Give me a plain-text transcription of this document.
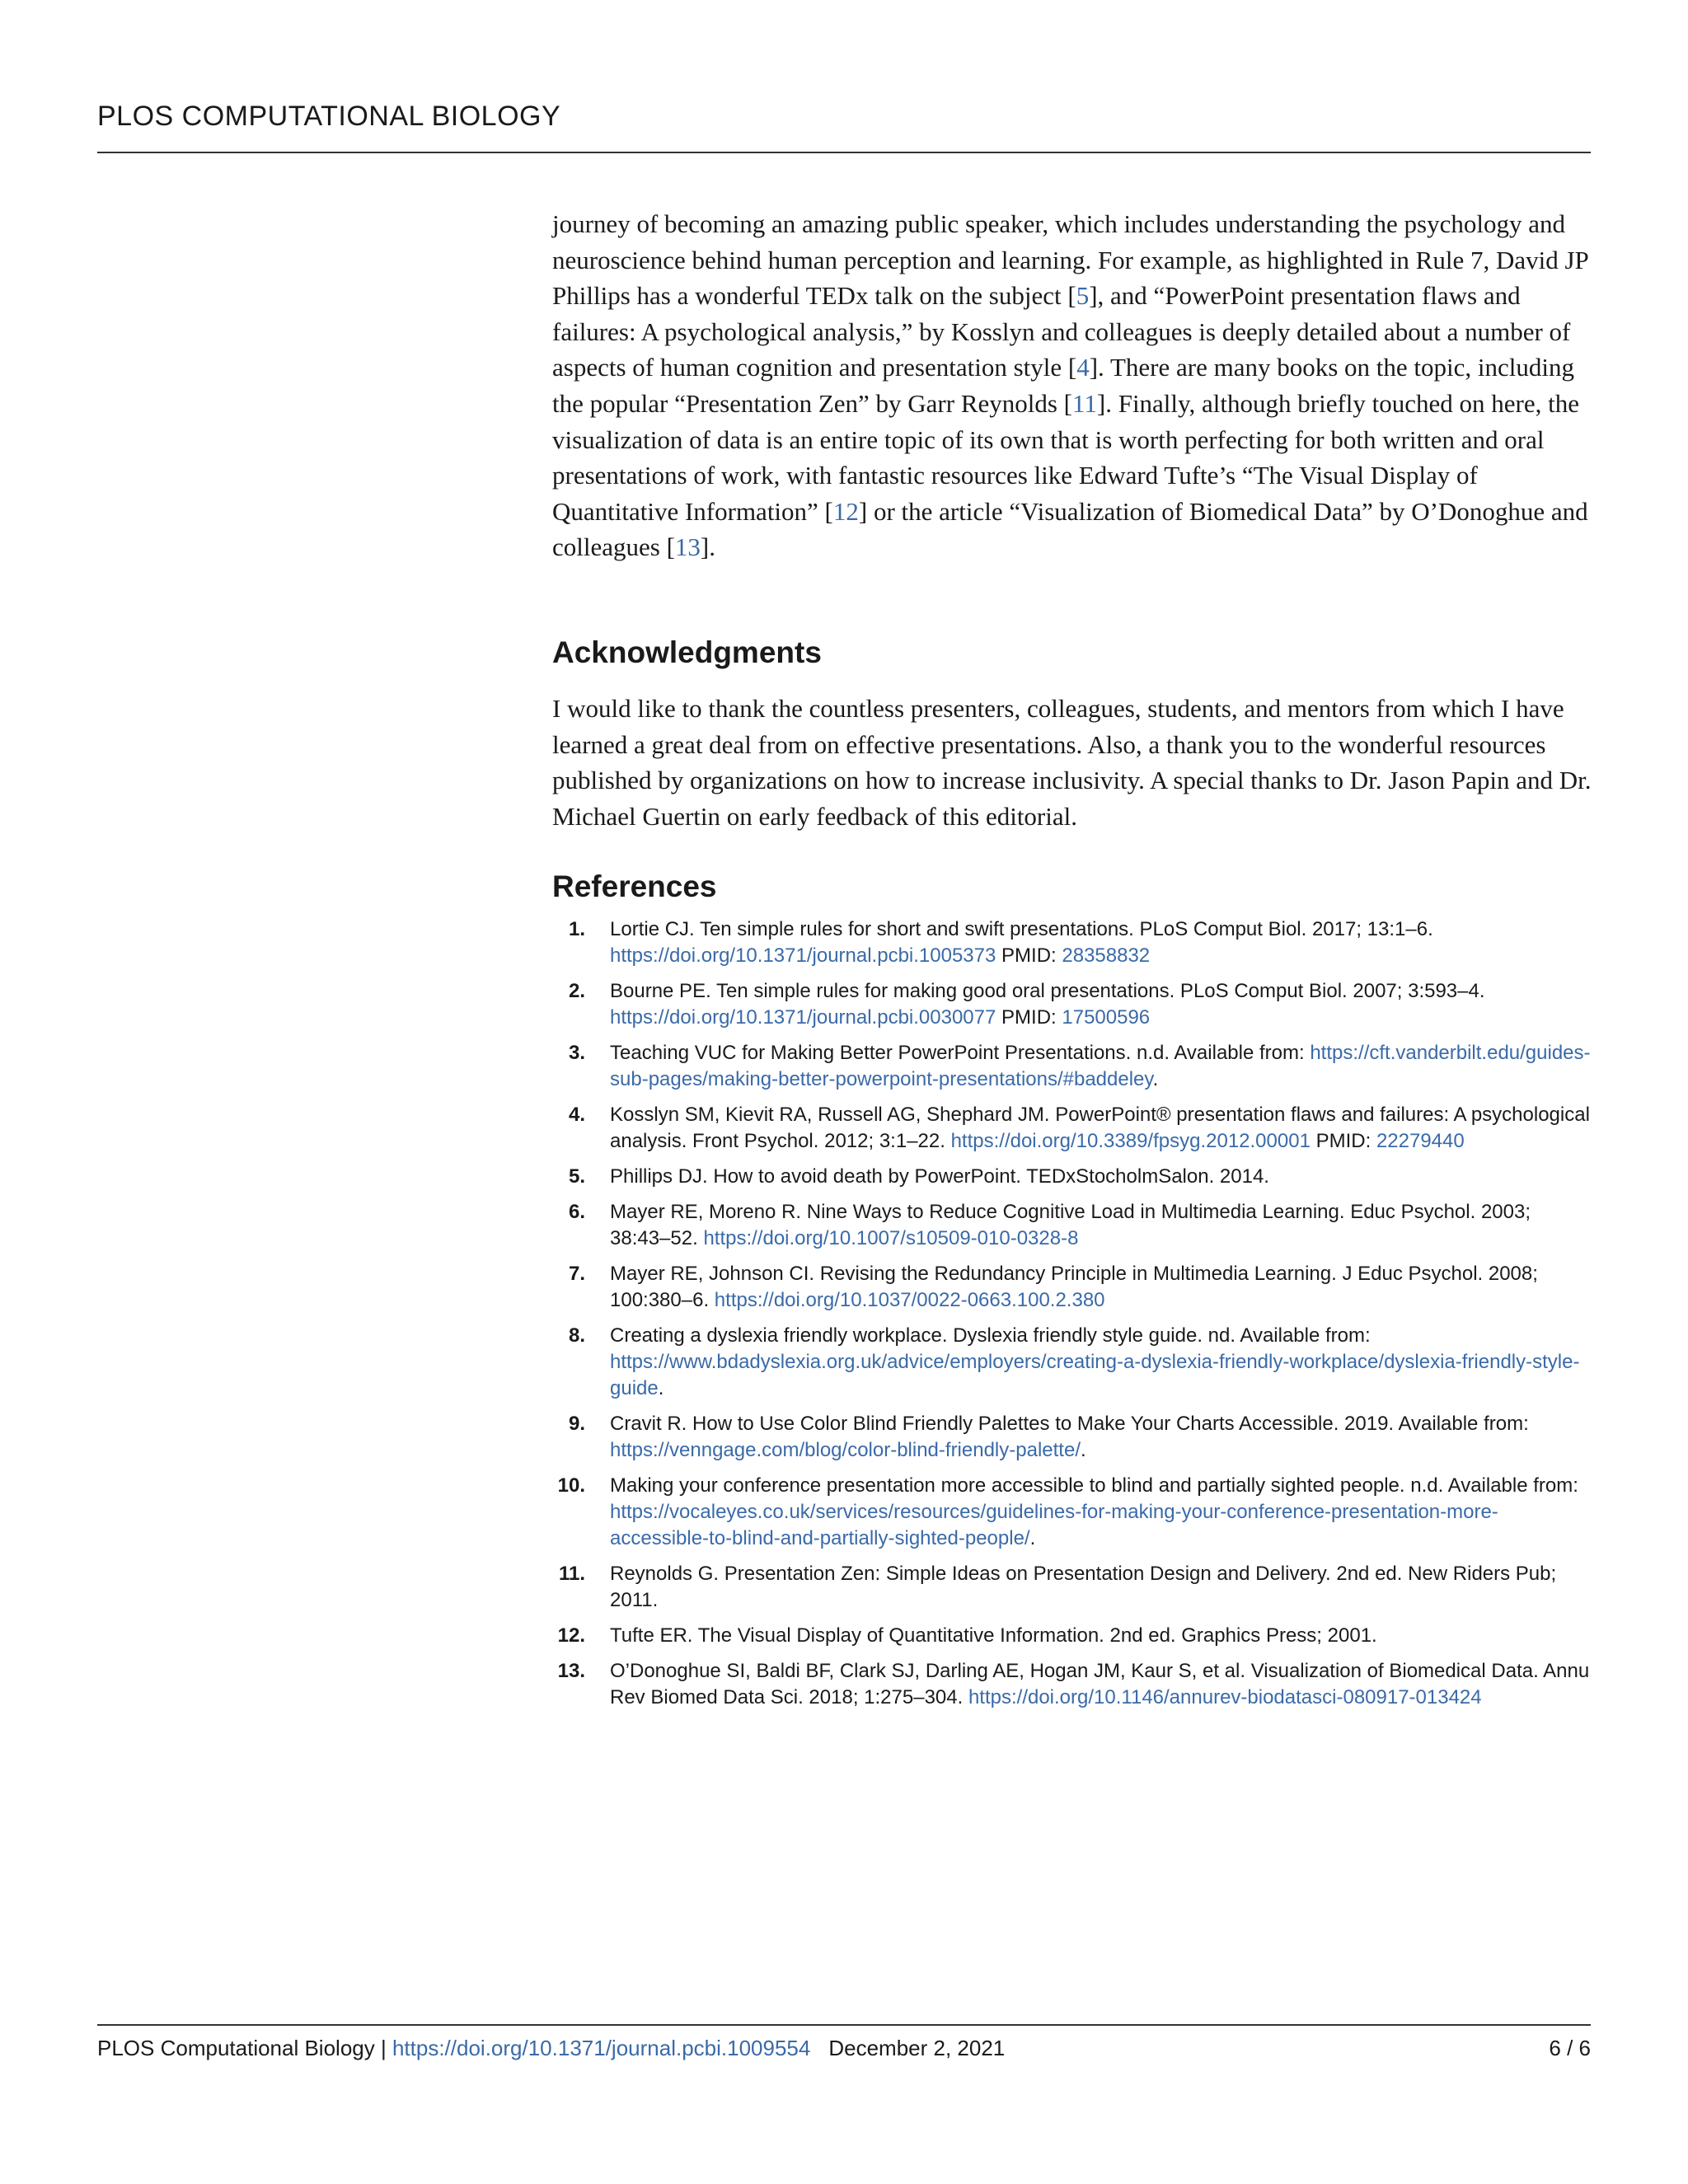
PLOS COMPUTATIONAL BIOLOGY

journey of becoming an amazing public speaker, which includes understanding the psychology and neuroscience behind human perception and learning. For example, as highlighted in Rule 7, David JP Phillips has a wonderful TEDx talk on the subject [5], and “PowerPoint presentation flaws and failures: A psychological analysis,” by Kosslyn and colleagues is deeply detailed about a number of aspects of human cognition and presentation style [4]. There are many books on the topic, including the popular “Presentation Zen” by Garr Reynolds [11]. Finally, although briefly touched on here, the visualization of data is an entire topic of its own that is worth perfecting for both written and oral presentations of work, with fantastic resources like Edward Tufte’s “The Visual Display of Quantitative Information” [12] or the article “Visualization of Biomedical Data” by O’Donoghue and colleagues [13].

Acknowledgments

I would like to thank the countless presenters, colleagues, students, and mentors from which I have learned a great deal from on effective presentations. Also, a thank you to the wonderful resources published by organizations on how to increase inclusivity. A special thanks to Dr. Jason Papin and Dr. Michael Guertin on early feedback of this editorial.

References
1. Lortie CJ. Ten simple rules for short and swift presentations. PLoS Comput Biol. 2017; 13:1–6. https://doi.org/10.1371/journal.pcbi.1005373 PMID: 28358832
2. Bourne PE. Ten simple rules for making good oral presentations. PLoS Comput Biol. 2007; 3:593–4. https://doi.org/10.1371/journal.pcbi.0030077 PMID: 17500596
3. Teaching VUC for Making Better PowerPoint Presentations. n.d. Available from: https://cft.vanderbilt.edu/guides-sub-pages/making-better-powerpoint-presentations/#baddeley.
4. Kosslyn SM, Kievit RA, Russell AG, Shephard JM. PowerPoint® presentation flaws and failures: A psychological analysis. Front Psychol. 2012; 3:1–22. https://doi.org/10.3389/fpsyg.2012.00001 PMID: 22279440
5. Phillips DJ. How to avoid death by PowerPoint. TEDxStocholmSalon. 2014.
6. Mayer RE, Moreno R. Nine Ways to Reduce Cognitive Load in Multimedia Learning. Educ Psychol. 2003; 38:43–52. https://doi.org/10.1007/s10509-010-0328-8
7. Mayer RE, Johnson CI. Revising the Redundancy Principle in Multimedia Learning. J Educ Psychol. 2008; 100:380–6. https://doi.org/10.1037/0022-0663.100.2.380
8. Creating a dyslexia friendly workplace. Dyslexia friendly style guide. nd. Available from: https://www.bdadyslexia.org.uk/advice/employers/creating-a-dyslexia-friendly-workplace/dyslexia-friendly-style-guide.
9. Cravit R. How to Use Color Blind Friendly Palettes to Make Your Charts Accessible. 2019. Available from: https://venngage.com/blog/color-blind-friendly-palette/.
10. Making your conference presentation more accessible to blind and partially sighted people. n.d. Available from: https://vocaleyes.co.uk/services/resources/guidelines-for-making-your-conference-presentation-more-accessible-to-blind-and-partially-sighted-people/.
11. Reynolds G. Presentation Zen: Simple Ideas on Presentation Design and Delivery. 2nd ed. New Riders Pub; 2011.
12. Tufte ER. The Visual Display of Quantitative Information. 2nd ed. Graphics Press; 2001.
13. O’Donoghue SI, Baldi BF, Clark SJ, Darling AE, Hogan JM, Kaur S, et al. Visualization of Biomedical Data. Annu Rev Biomed Data Sci. 2018; 1:275–304. https://doi.org/10.1146/annurev-biodatasci-080917-013424
PLOS Computational Biology | https://doi.org/10.1371/journal.pcbi.1009554 December 2, 2021	6 / 6
